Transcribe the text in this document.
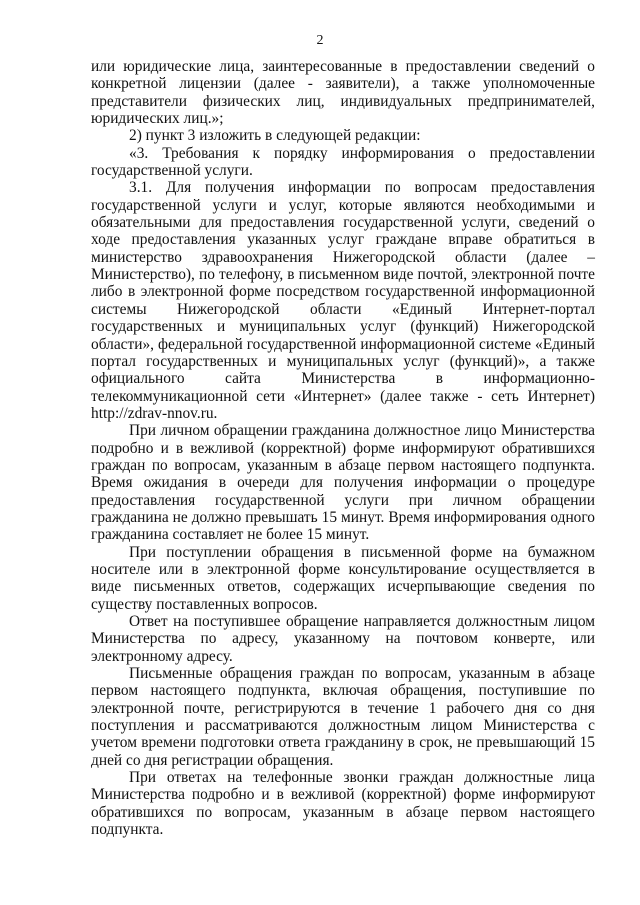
2

или юридические лица, заинтересованные в предоставлении сведений о конкретной лицензии (далее - заявители), а также уполномоченные представители физических лиц, индивидуальных предпринимателей, юридических лиц.»;

2) пункт 3 изложить в следующей редакции:

«3. Требования к порядку информирования о предоставлении государственной услуги.

3.1. Для получения информации по вопросам предоставления государственной услуги и услуг, которые являются необходимыми и обязательными для предоставления государственной услуги, сведений о ходе предоставления указанных услуг граждане вправе обратиться в министерство здравоохранения Нижегородской области (далее – Министерство), по телефону, в письменном виде почтой, электронной почте либо в электронной форме посредством государственной информационной системы Нижегородской области «Единый Интернет-портал государственных и муниципальных услуг (функций) Нижегородской области», федеральной государственной информационной системе «Единый портал государственных и муниципальных услуг (функций)», а также официального сайта Министерства в информационно-телекоммуникационной сети «Интернет» (далее также - сеть Интернет) http://zdrav-nnov.ru.

При личном обращении гражданина должностное лицо Министерства подробно и в вежливой (корректной) форме информируют обратившихся граждан по вопросам, указанным в абзаце первом настоящего подпункта. Время ожидания в очереди для получения информации о процедуре предоставления государственной услуги при личном обращении гражданина не должно превышать 15 минут. Время информирования одного гражданина составляет не более 15 минут.

При поступлении обращения в письменной форме на бумажном носителе или в электронной форме консультирование осуществляется в виде письменных ответов, содержащих исчерпывающие сведения по существу поставленных вопросов.

Ответ на поступившее обращение направляется должностным лицом Министерства по адресу, указанному на почтовом конверте, или электронному адресу.

Письменные обращения граждан по вопросам, указанным в абзаце первом настоящего подпункта, включая обращения, поступившие по электронной почте, регистрируются в течение 1 рабочего дня со дня поступления и рассматриваются должностным лицом Министерства с учетом времени подготовки ответа гражданину в срок, не превышающий 15 дней со дня регистрации обращения.

При ответах на телефонные звонки граждан должностные лица Министерства подробно и в вежливой (корректной) форме информируют обратившихся по вопросам, указанным в абзаце первом настоящего подпункта.
